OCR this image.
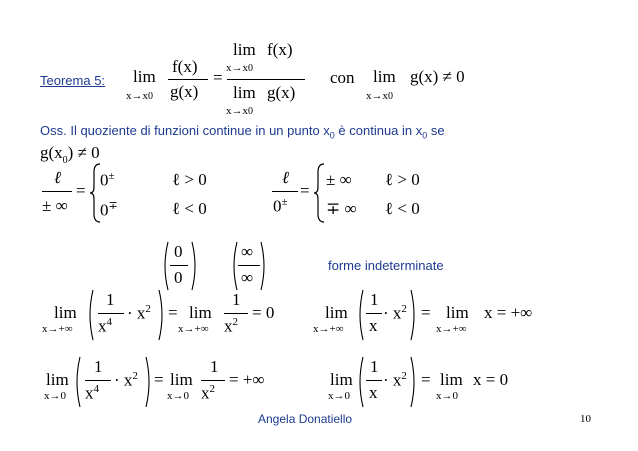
Teorema 5: lim
x→x0
f(x)
g(x)
=
lim
x→x0
f(x)
lim
x→x0
g(x)
con lim
x→x0
g(x) ≠ 0
Oss. Il quoziente di funzioni continue in un punto $x_0$ è continua in $x_0$ se
$g(x_0) \ne 0$
ℓ
± ∞
=
0±	ℓ > 0
0∓	ℓ < 0
ℓ
0±
=
± ∞ ℓ > 0
∓ ∞ ℓ < 0
0
0
∞
∞
forme indeterminate
lim
x→+∞
1
$x^4 \cdot x^2 = \lim$
x→+∞
1
$x^2 = 0$	lim
x→+∞
1
x
· $x^2 = \lim$
x→+∞
x = +∞
lim
x→0
1
$x^4 \cdot x^2 = \lim$
x→0
1
$x^2$ = +∞	lim
x→0
1
x
· $x^2 = \lim$
x→0
x = 0
Angela Donatiello	10
